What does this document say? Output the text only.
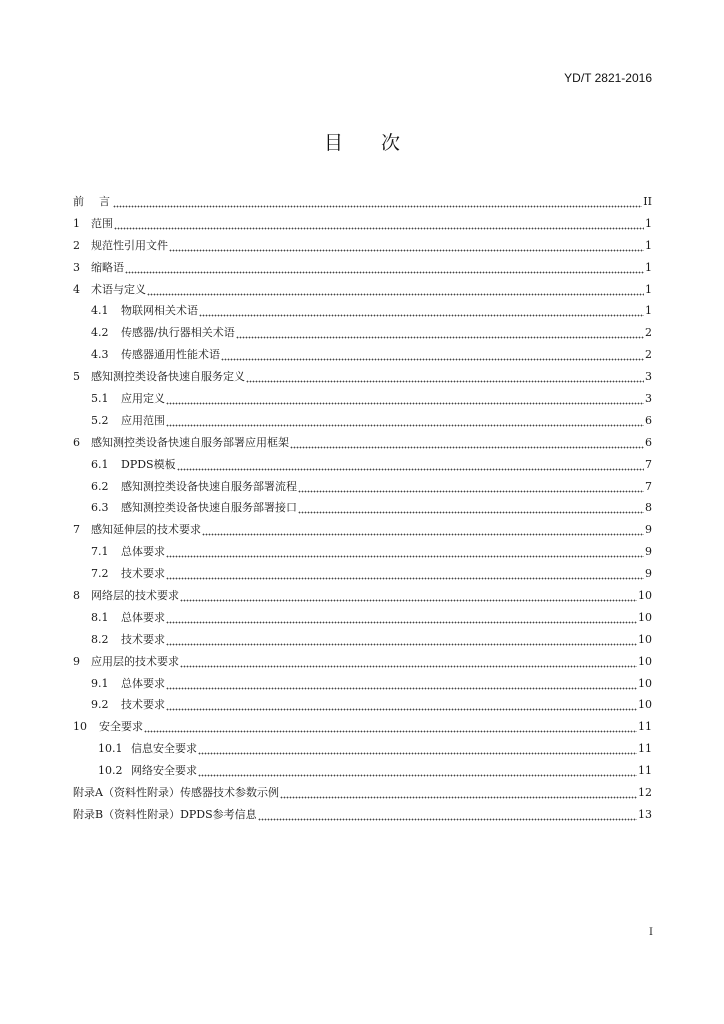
YD/T 2821-2016
目　　次
前　言	II
1	范围	1
2	规范性引用文件	1
3	缩略语	1
4	术语与定义	1
4.1	物联网相关术语	1
4.2	传感器/执行器相关术语	2
4.3	传感器通用性能术语	2
5	感知测控类设备快速自服务定义	3
5.1	应用定义	3
5.2	应用范围	6
6	感知测控类设备快速自服务部署应用框架	6
6.1	DPDS模板	7
6.2	感知测控类设备快速自服务部署流程	7
6.3	感知测控类设备快速自服务部署接口	8
7	感知延伸层的技术要求	9
7.1	总体要求	9
7.2	技术要求	9
8	网络层的技术要求	10
8.1	总体要求	10
8.2	技术要求	10
9	应用层的技术要求	10
9.1	总体要求	10
9.2	技术要求	10
10	安全要求	11
10.1 信息安全要求	11
10.2 网络安全要求	11
附录A（资料性附录）传感器技术参数示例	12
附录B（资料性附录）DPDS参考信息	13
I
